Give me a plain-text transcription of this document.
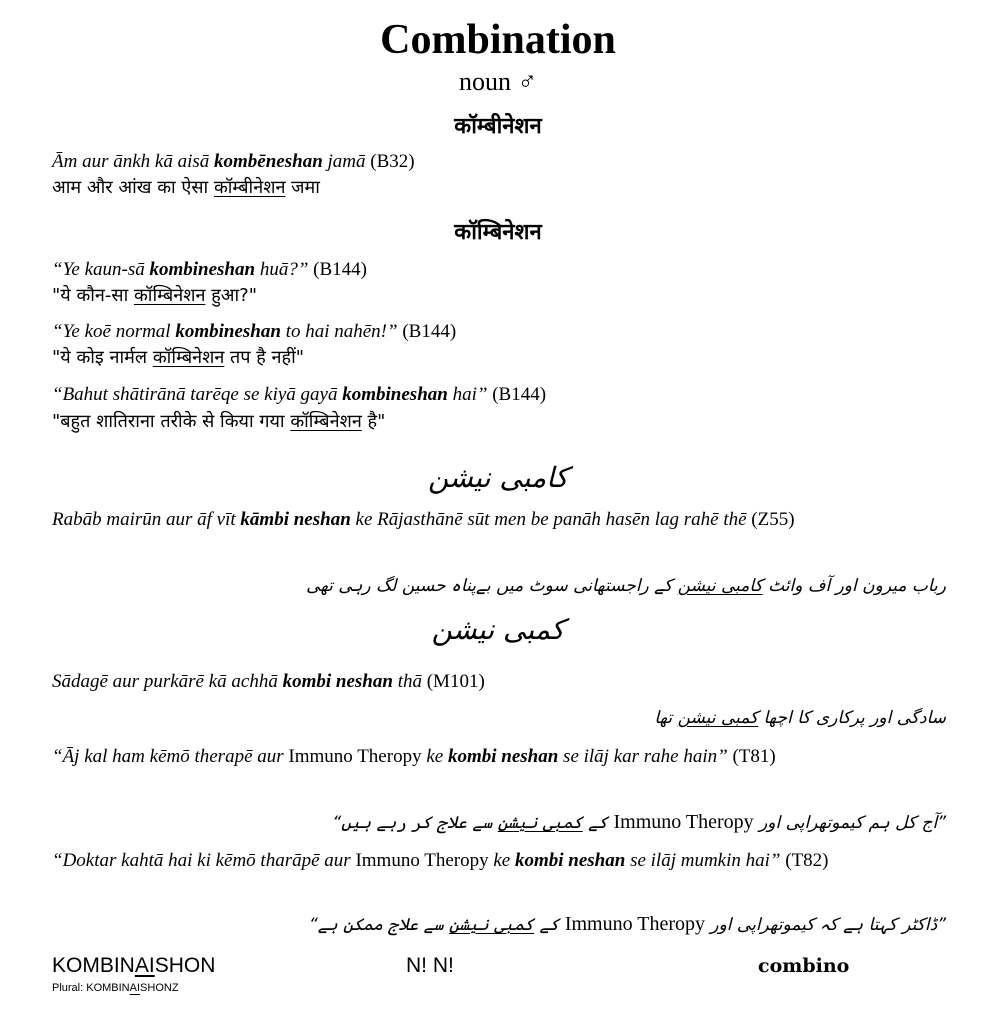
Combination
noun ♂
कॉम्बीनेशन
Ām aur ānkh kā aisā kombēneshan jamā (B32)
आम और आंख का ऐसा कॉम्बीनेशन जमा
कॉम्बिनेशन
“Ye kaun-sā kombineshan huā?” (B144)
"ये कौन-सा कॉम्बिनेशन हुआ?"
“Ye koē normal kombineshan to hai nahēn!” (B144)
"ये कोइ नार्मल कॉम्बिनेशन तप है नहीं"
“Bahut shātirānā tarēqe se kiyā gayā kombineshan hai” (B144)
"बहुत शातिराना तरीके से किया गया कॉम्बिनेशन है"
کامبی نیشن
Rabāb mairūn aur āf vīt kāmbi neshan ke Rājasthānē sūt men be panāh hasēn lag rahē thē (Z55)
رباب میرون اور آف وائٹ کامبی نیشن کے راجستھانی سوٹ میں بےپناہ حسین لگ رہی تھی
کمبی نیشن
Sādagē aur purkārē kā achhā kombi neshan thā (M101)
سادگی اور پرکاری کا اچھا کمبی نیشن تھا
“Āj kal ham kēmō therapē aur Immuno Theropy ke kombi neshan se ilāj kar rahe hain” (T81)
”آج کل ہم کیموتھراپی اور Immuno Theropy کے کمبی نیشن سے علاج کر رہے ہیں“
“Doktar kahtā hai ki kēmō tharāpē aur Immuno Theropy ke kombi neshan se ilāj mumkin hai” (T82)
”ڈاکٹر کہتا ہے کہ کیموتھراپی اور Immuno Theropy کے کمبی نیشن سے علاج ممکن ہے“
KOMBINAISHON	N! N!	combino
Plural: KOMBINAISHONZ
